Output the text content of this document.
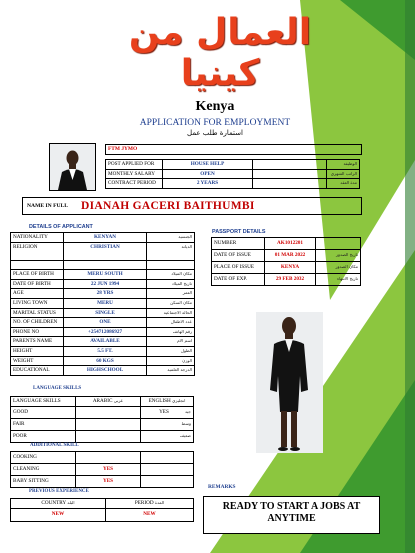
العمال من كينيا
Kenya
APPLICATION FOR EMPLOYMENT
استمارة طلب عمل
FTM JYMO
POST APPLIED FOR	HOUSE HELP		الوظيفة
MONTHLY SALARY	OPEN		الراتب الشهري
CONTRACT PERIOD	2 YEARS		مدة العقد
NAME IN FULL DIANAH GACERI BAITHUMBI
DETAILS OF APPLICANT
NATIONALITY	KENYAN	الجنسية
RELIGION	CHRISTIAN	الديانة

PLACE OF BIRTH	MERU SOUTH	مكان الميلاد
DATE OF BIRTH	22 JUN 1994	تاريخ الميلاد
AGE	28 YRS	العمر
LIVING TOWN	MERU	مكان السكن
MARITAL STATUS	SINGLE	الحالة الاجتماعية
NO. OF CHILDREN	ONE	عدد الاطفال
PHONE NO	+254712086927	رقم الهاتف
PARENTS NAME	AVAILABLE	اسم الام
HEIGHT	5.5 FT.	الطول
WEIGHT	60 KGS	الوزن
EDUCATIONAL	HIGHSCHOOL	الدرجة العلمية
PASSPORT DETAILS
NUMBER	AK1012201	
DATE OF ISSUE	01 MAR 2022	تاريخ الصدور
PLACE OF ISSUE	KENYA	مكان الصدور
DATE OF EXP.	29 FEB 2032	تاريخ الانتهاء
LANGUAGE SKILLS
LANGUAGE SKILLS	ARABIC عربي	ENGLISH انجليزي
GOOD		YES جيد

FAIR		وسط

POOR		ضعيف
ADDITIONAL SKILL
COOKING		
CLEANING	YES	
BABY SITTING	YES	
PREVIOUS EXPERIENCE
COUNTRY البلد	PERIOD المدة
NEW	NEW
REMARKS
READY TO START A JOBS AT ANYTIME
